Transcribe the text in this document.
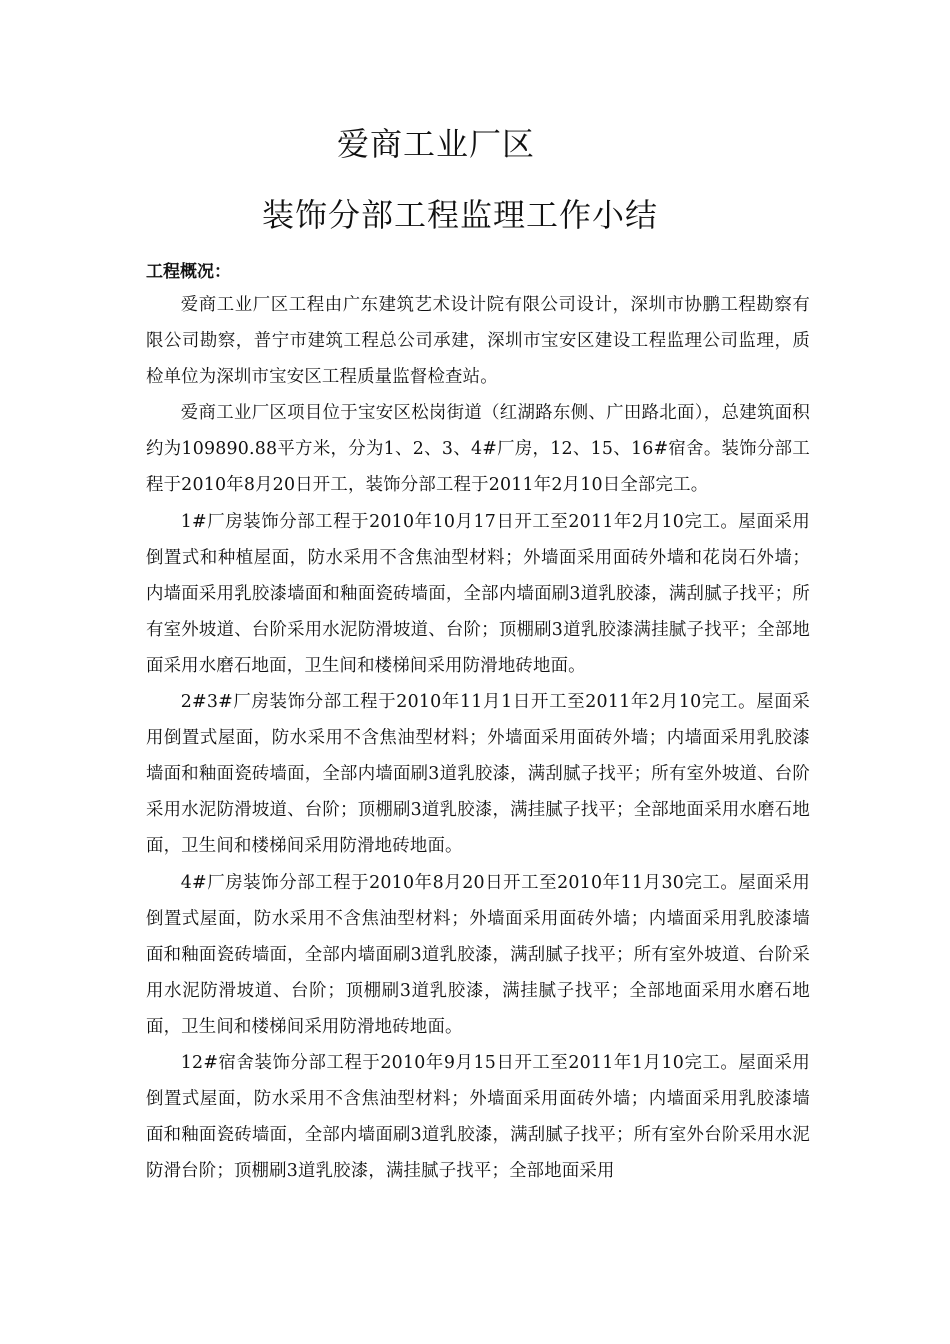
爱商工业厂区
装饰分部工程监理工作小结
工程概况：

爱商工业厂区工程由广东建筑艺术设计院有限公司设计，深圳市协鹏工程勘察有限公司勘察，普宁市建筑工程总公司承建，深圳市宝安区建设工程监理公司监理，质检单位为深圳市宝安区工程质量监督检查站。

爱商工业厂区项目位于宝安区松岗街道（红湖路东侧、广田路北面），总建筑面积约为109890.88平方米，分为1、2、3、4#厂房，12、15、16#宿舍。装饰分部工程于2010年8月20日开工，装饰分部工程于2011年2月10日全部完工。

1#厂房装饰分部工程于2010年10月17日开工至2011年2月10完工。屋面采用倒置式和种植屋面，防水采用不含焦油型材料；外墙面采用面砖外墙和花岗石外墙；内墙面采用乳胶漆墙面和釉面瓷砖墙面，全部内墙面刷3道乳胶漆，满刮腻子找平；所有室外坡道、台阶采用水泥防滑坡道、台阶；顶棚刷3道乳胶漆满挂腻子找平；全部地面采用水磨石地面，卫生间和楼梯间采用防滑地砖地面。

2#3#厂房装饰分部工程于2010年11月1日开工至2011年2月10完工。屋面采用倒置式屋面，防水采用不含焦油型材料；外墙面采用面砖外墙；内墙面采用乳胶漆墙面和釉面瓷砖墙面，全部内墙面刷3道乳胶漆，满刮腻子找平；所有室外坡道、台阶采用水泥防滑坡道、台阶；顶棚刷3道乳胶漆，满挂腻子找平；全部地面采用水磨石地面，卫生间和楼梯间采用防滑地砖地面。

4#厂房装饰分部工程于2010年8月20日开工至2010年11月30完工。屋面采用倒置式屋面，防水采用不含焦油型材料；外墙面采用面砖外墙；内墙面采用乳胶漆墙面和釉面瓷砖墙面，全部内墙面刷3道乳胶漆，满刮腻子找平；所有室外坡道、台阶采用水泥防滑坡道、台阶；顶棚刷3道乳胶漆，满挂腻子找平；全部地面采用水磨石地面，卫生间和楼梯间采用防滑地砖地面。

12#宿舍装饰分部工程于2010年9月15日开工至2011年1月10完工。屋面采用倒置式屋面，防水采用不含焦油型材料；外墙面采用面砖外墙；内墙面采用乳胶漆墙面和釉面瓷砖墙面，全部内墙面刷3道乳胶漆，满刮腻子找平；所有室外台阶采用水泥防滑台阶；顶棚刷3道乳胶漆，满挂腻子找平；全部地面采用
